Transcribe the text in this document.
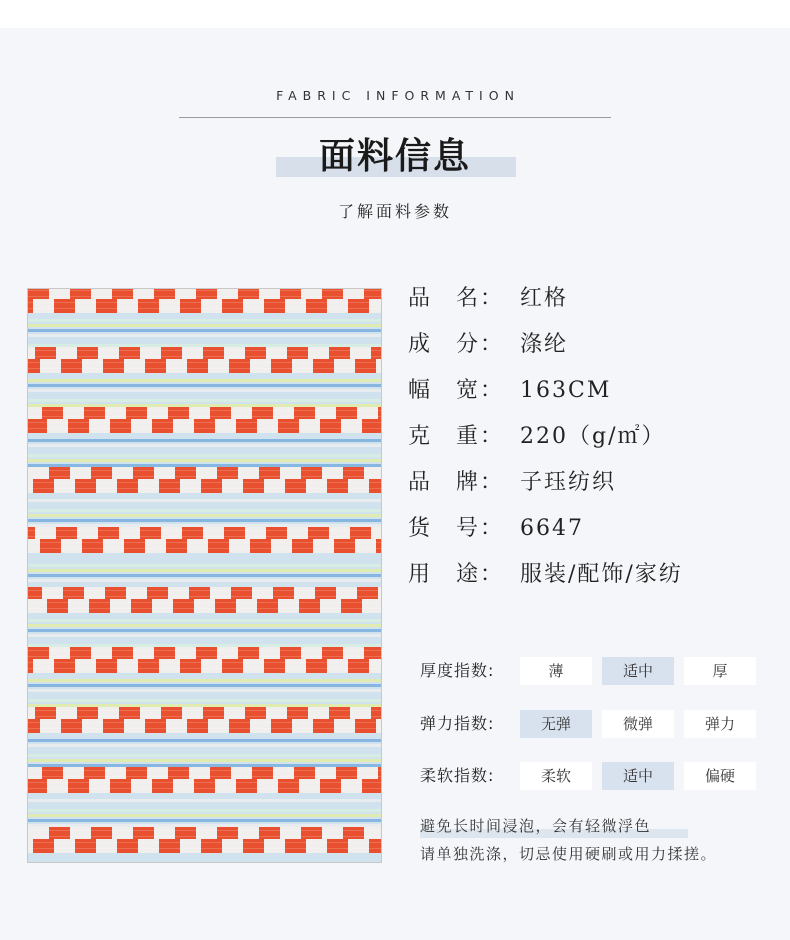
FABRIC INFORMATION
面料信息
了解面料参数
品　名： 红格
成　分： 涤纶
幅　宽： 163CM
克　重： 220（g/㎡）
品　牌： 子珏纺织
货　号： 6647
用　途： 服装/配饰/家纺
厚度指数:	薄	适中	厚
弹力指数:	无弹	微弹	弹力
柔软指数:	柔软	适中	偏硬
避免长时间浸泡，会有轻微浮色
请单独洗涤，切忌使用硬刷或用力揉搓。
